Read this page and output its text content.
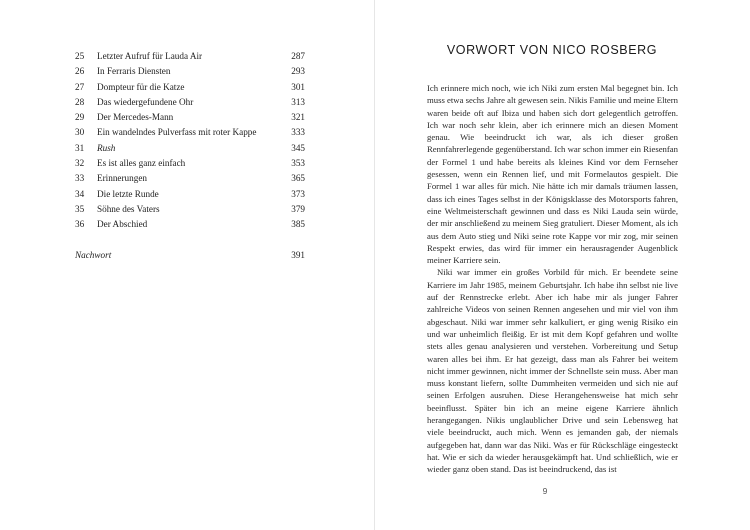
25	Letzter Aufruf für Lauda Air	287
26	In Ferraris Diensten	293
27	Dompteur für die Katze	301
28	Das wiedergefundene Ohr	313
29	Der Mercedes-Mann	321
30	Ein wandelndes Pulverfass mit roter Kappe	333
31	Rush	345
32	Es ist alles ganz einfach	353
33	Erinnerungen	365
34	Die letzte Runde	373
35	Söhne des Vaters	379
36	Der Abschied	385
Nachwort	391
VORWORT VON NICO ROSBERG

Ich erinnere mich noch, wie ich Niki zum ersten Mal begegnet bin. Ich muss etwa sechs Jahre alt gewesen sein. Nikis Familie und meine Eltern waren beide oft auf Ibiza und haben sich dort gelegentlich getroffen. Ich war noch sehr klein, aber ich erinnere mich an diesen Moment genau. Wie beeindruckt ich war, als ich dieser großen Rennfahrerlegende gegenüberstand. Ich war schon immer ein Riesenfan der Formel 1 und habe bereits als kleines Kind vor dem Fernseher gesessen, wenn ein Rennen lief, und mit Formelautos gespielt. Die Formel 1 war alles für mich. Nie hätte ich mir damals träumen lassen, dass ich eines Tages selbst in der Königsklasse des Motorsports fahren, eine Weltmeisterschaft gewinnen und dass es Niki Lauda sein würde, der mir anschließend zu meinem Sieg gratuliert. Dieser Moment, als ich aus dem Auto stieg und Niki seine rote Kappe vor mir zog, mir seinen Respekt erwies, das wird für immer ein herausragender Augenblick meiner Karriere sein.

Niki war immer ein großes Vorbild für mich. Er beendete seine Karriere im Jahr 1985, meinem Geburtsjahr. Ich habe ihn selbst nie live auf der Rennstrecke erlebt. Aber ich habe mir als junger Fahrer zahlreiche Videos von seinen Rennen angesehen und mir viel von ihm abgeschaut. Niki war immer sehr kalkuliert, er ging wenig Risiko ein und war unheimlich fleißig. Er ist mit dem Kopf gefahren und wollte stets alles genau analysieren und verstehen. Vorbereitung und Setup waren alles bei ihm. Er hat gezeigt, dass man als Fahrer bei weitem nicht immer gewinnen, nicht immer der Schnellste sein muss. Aber man muss konstant liefern, sollte Dummheiten vermeiden und sich nie auf seinen Erfolgen ausruhen. Diese Herangehensweise hat mich sehr beeinflusst. Später bin ich an meine eigene Karriere ähnlich herangegangen. Nikis unglaublicher Drive und sein Lebensweg hat viele beeindruckt, auch mich. Wenn es jemanden gab, der niemals aufgegeben hat, dann war das Niki. Was er für Rückschläge eingesteckt hat. Wie er sich da wieder herausgekämpft hat. Und schließlich, wie er wieder ganz oben stand. Das ist beeindruckend, das ist

9
